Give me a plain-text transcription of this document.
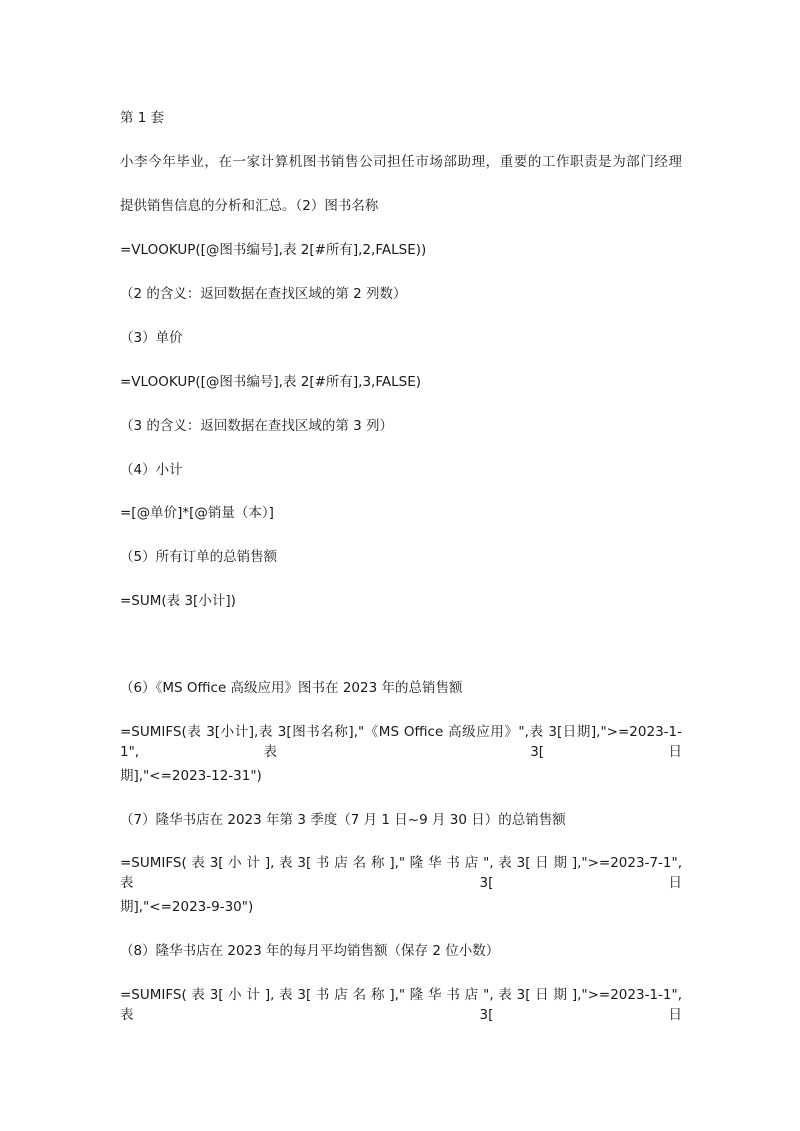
第 1 套
小李今年毕业，在一家计算机图书销售公司担任市场部助理，重要的工作职责是为部门经理
提供销售信息的分析和汇总。（2）图书名称
=VLOOKUP([@图书编号],表 2[#所有],2,FALSE))
（2 的含义：返回数据在查找区域的第 2 列数）
（3）单价
=VLOOKUP([@图书编号],表 2[#所有],3,FALSE)
（3 的含义：返回数据在查找区域的第 3 列）
（4）小计
=[@单价]*[@销量（本）]
（5）所有订单的总销售额
=SUM(表 3[小计])
（6）《MS Office 高级应用》图书在 2023 年的总销售额
=SUMIFS(表 3[小计],表 3[图书名称],"《MS Office 高级应用》",表 3[日期],">=2023-1-1",表 3[日
期],"<=2023-12-31")
（7）隆华书店在 2023 年第 3 季度（7 月 1 日~9 月 30 日）的总销售额
=SUMIFS( 表 3[ 小 计 ], 表 3[ 书 店 名 称 ]," 隆 华 书 店 ", 表 3[ 日 期 ],">=2023-7-1", 表 3[ 日
期],"<=2023-9-30")
（8）隆华书店在 2023 年的每月平均销售额（保存 2 位小数）
=SUMIFS( 表 3[ 小 计 ], 表 3[ 书 店 名 称 ]," 隆 华 书 店 ", 表 3[ 日 期 ],">=2023-1-1", 表 3[ 日
